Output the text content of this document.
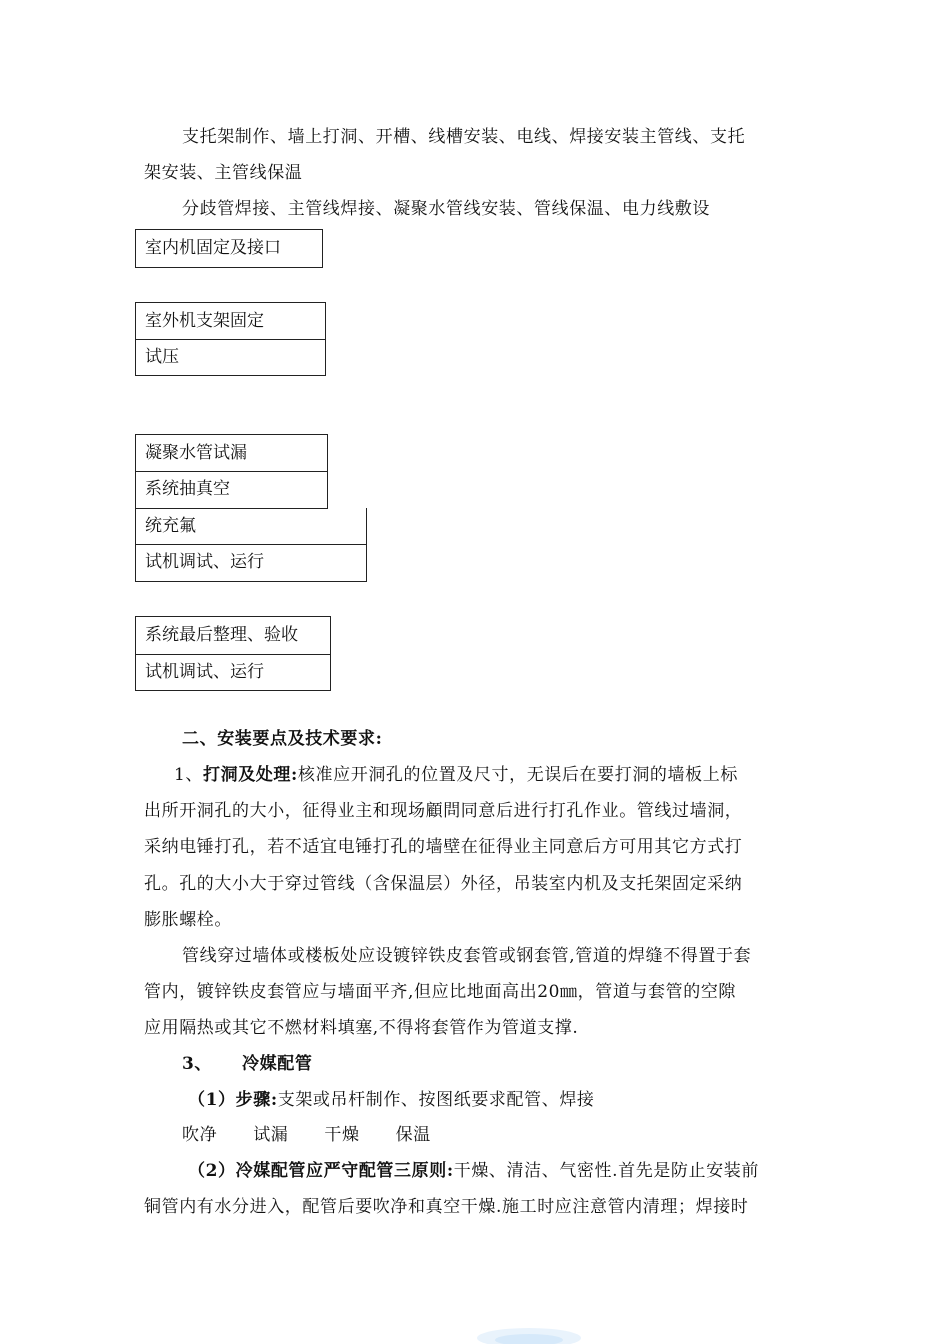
支托架制作、墙上打洞、开槽、线槽安装、电线、焊接安装主管线、支托
架安装、主管线保温
分歧管焊接、主管线焊接、凝聚水管线安装、管线保温、电力线敷设
室内机固定及接口
室外机支架固定
试压
凝聚水管试漏
系统抽真空
统充氟
试机调试、运行
系统最后整理、验收
试机调试、运行
二、安装要点及技术要求:
1、打洞及处理:核准应开洞孔的位置及尺寸，无误后在要打洞的墙板上标
出所开洞孔的大小，征得业主和现场顧問同意后进行打孔作业。管线过墙洞，
采纳电锤打孔，若不适宜电锤打孔的墙壁在征得业主同意后方可用其它方式打
孔。孔的大小大于穿过管线（含保温层）外径，吊装室内机及支托架固定采纳
膨胀螺栓。
管线穿过墙体或楼板处应设镀锌铁皮套管或钢套管,管道的焊缝不得置于套
管内，镀锌铁皮套管应与墙面平齐,但应比地面高出20㎜，管道与套管的空隙
应用隔热或其它不燃材料填塞,不得将套管作为管道支撑.
3、 冷媒配管
（1）步骤:支架或吊杆制作、按图纸要求配管、焊接
吹净 试漏 干燥 保温
（2）冷媒配管应严守配管三原则:干燥、清洁、气密性.首先是防止安装前
铜管内有水分进入，配管后要吹净和真空干燥.施工时应注意管内清理；焊接时
